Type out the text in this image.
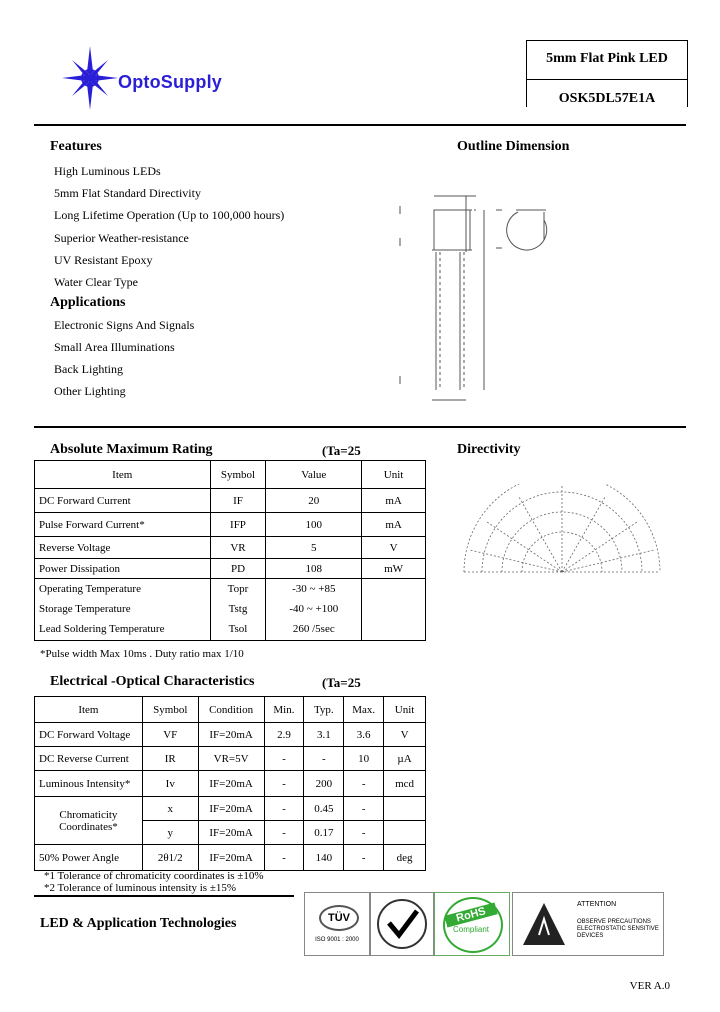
OptoSupply
5mm Flat Pink LED
OSK5DL57E1A
Features
High Luminous LEDs
5mm Flat Standard Directivity
Long Lifetime Operation (Up to 100,000 hours)
Superior Weather-resistance
UV Resistant Epoxy
Water Clear Type
Applications
Electronic Signs And Signals
Small Area Illuminations
Back Lighting
Other Lighting
Outline Dimension
Absolute Maximum Rating	(Ta=25
Item	Symbol	Value	Unit
DC Forward Current	IF	20	mA
Pulse Forward Current*	IFP	100	mA
Reverse Voltage	VR	5	V
Power Dissipation	PD	108	mW
Operating Temperature	Topr	-30 ~ +85	
Storage Temperature	Tstg	-40 ~ +100	
Lead Soldering Temperature	Tsol	260 /5sec	
*Pulse width Max 10ms . Duty ratio max 1/10
Directivity
Electrical -Optical Characteristics	(Ta=25
Item	Symbol	Condition	Min.	Typ.	Max.	Unit
DC Forward Voltage	VF	IF=20mA	2.9	3.1	3.6	V
DC Reverse Current	IR	VR=5V	-	-	10	µA
Luminous Intensity*	Iv	IF=20mA	-	200	-	mcd
Chromaticity Coordinates*	x	IF=20mA	-	0.45	-	
	y	IF=20mA	-	0.17	-	
50% Power Angle	2θ1/2	IF=20mA	-	140	-	deg
*1 Tolerance of chromaticity coordinates is ±10%
*2 Tolerance of luminous intensity is ±15%
LED & Application Technologies	TÜV
ISO 9001 : 2000
RoHS
Compliant
ATTENTION
OBSERVE PRECAUTIONS ELECTROSTATIC SENSITIVE DEVICES
VER A.0
